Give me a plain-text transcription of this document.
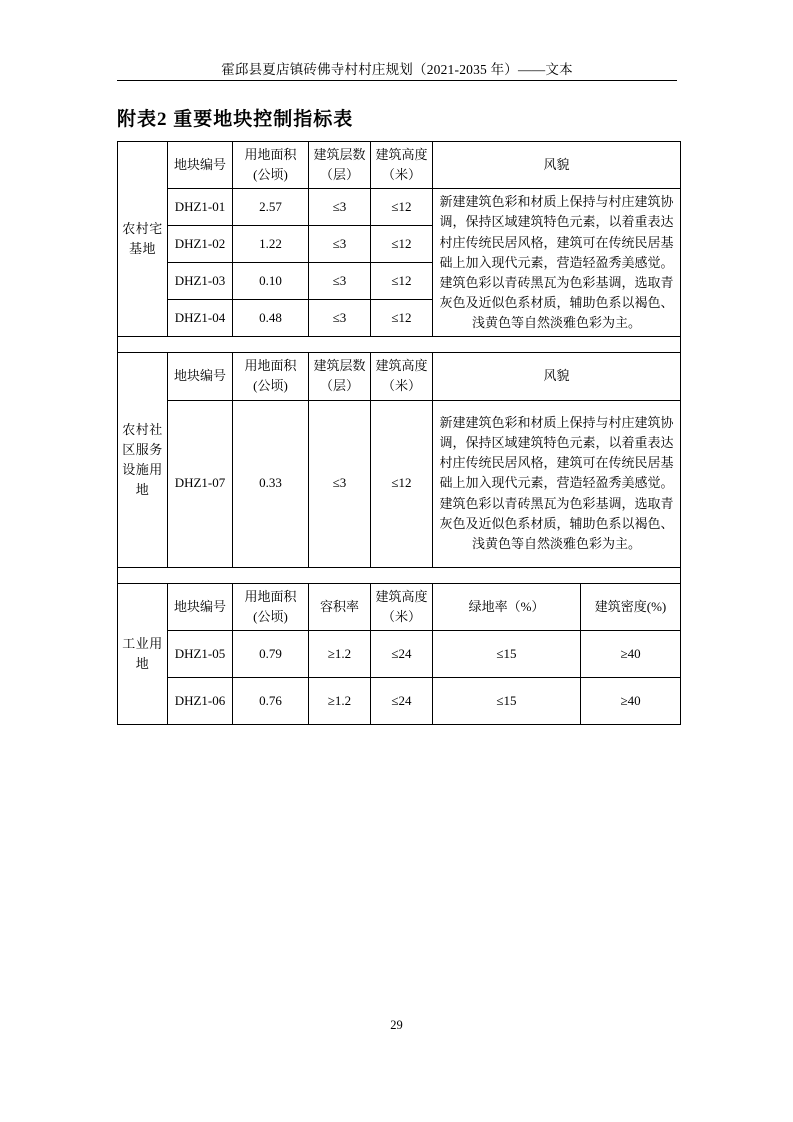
霍邱县夏店镇砖佛寺村村庄规划（2021-2035 年）——文本
附表2 重要地块控制指标表
农村宅基地	地块编号	用地面积(公顷)	建筑层数（层）	建筑高度（米）	风貌	
	DHZ1-01	2.57	≤3	≤12	新建建筑色彩和材质上保持与村庄建筑协调，保持区域建筑特色元素，以着重表达村庄传统民居风格，建筑可在传统民居基础上加入现代元素，营造轻盈秀美感觉。建筑色彩以青砖黑瓦为色彩基调，选取青灰色及近似色系材质，辅助色系以褐色、浅黄色等自然淡雅色彩为主。	
	DHZ1-02	1.22	≤3	≤12		
	DHZ1-03	0.10	≤3	≤12		
	DHZ1-04	0.48	≤3	≤12		

农村社区服务设施用地	地块编号	用地面积(公顷)	建筑层数（层）	建筑高度（米）	风貌	
	DHZ1-07	0.33	≤3	≤12	新建建筑色彩和材质上保持与村庄建筑协调，保持区域建筑特色元素，以着重表达村庄传统民居风格，建筑可在传统民居基础上加入现代元素，营造轻盈秀美感觉。建筑色彩以青砖黑瓦为色彩基调，选取青灰色及近似色系材质，辅助色系以褐色、浅黄色等自然淡雅色彩为主。	

工业用地	地块编号	用地面积(公顷)	容积率	建筑高度（米）	绿地率（%）	建筑密度(%)
	DHZ1-05	0.79	≥1.2	≤24	≤15	≥40
	DHZ1-06	0.76	≥1.2	≤24	≤15	≥40
29
